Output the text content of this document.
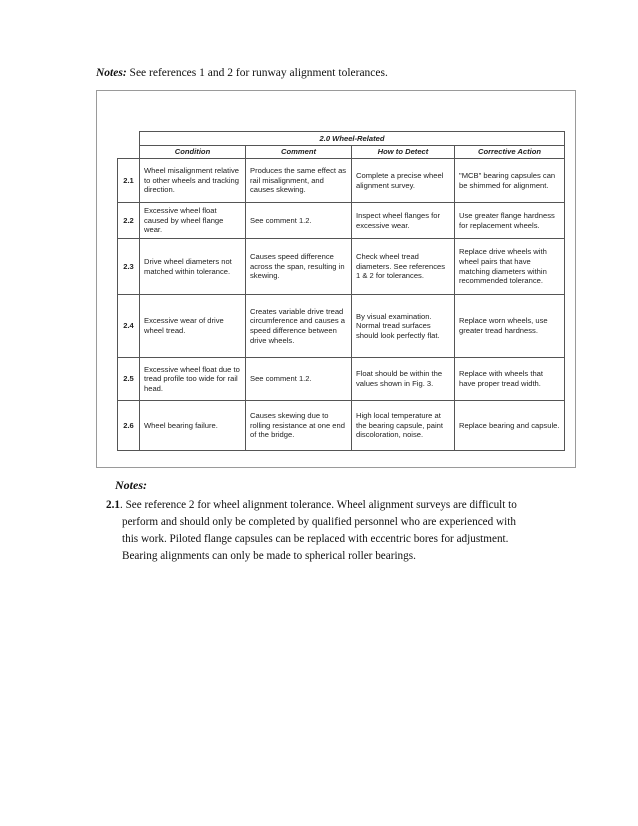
Notes: See references 1 and 2 for runway alignment tolerances.
	2.0 Wheel-Related			
	Condition	Comment	How to Detect	Corrective Action
2.1	Wheel misalignment relative to other wheels and tracking direction.	Produces the same effect as rail misalignment, and causes skewing.	Complete a precise wheel alignment survey.	"MCB" bearing capsules can be shimmed for alignment.
2.2	Excessive wheel float caused by wheel flange wear.	See comment 1.2.	Inspect wheel flanges for excessive wear.	Use greater flange hardness for replacement wheels.
2.3	Drive wheel diameters not matched within tolerance.	Causes speed difference across the span, resulting in skewing.	Check wheel tread diameters. See references 1 & 2 for tolerances.	Replace drive wheels with wheel pairs that have matching diameters within recommended tolerance.
2.4	Excessive wear of drive wheel tread.	Creates variable drive tread circumference and causes a speed difference between drive wheels.	By visual examination. Normal tread surfaces should look perfectly flat.	Replace worn wheels, use greater tread hardness.
2.5	Excessive wheel float due to tread profile too wide for rail head.	See comment 1.2.	Float should be within the values shown in Fig. 3.	Replace with wheels that have proper tread width.
2.6	Wheel bearing failure.	Causes skewing due to rolling resistance at one end of the bridge.	High local temperature at the bearing capsule, paint discoloration, noise.	Replace bearing and capsule.
Notes:
2.1. See reference 2 for wheel alignment tolerance. Wheel alignment surveys are difficult to
perform and should only be completed by qualified personnel who are experienced with
this work. Piloted flange capsules can be replaced with eccentric bores for adjustment.
Bearing alignments can only be made to spherical roller bearings.
